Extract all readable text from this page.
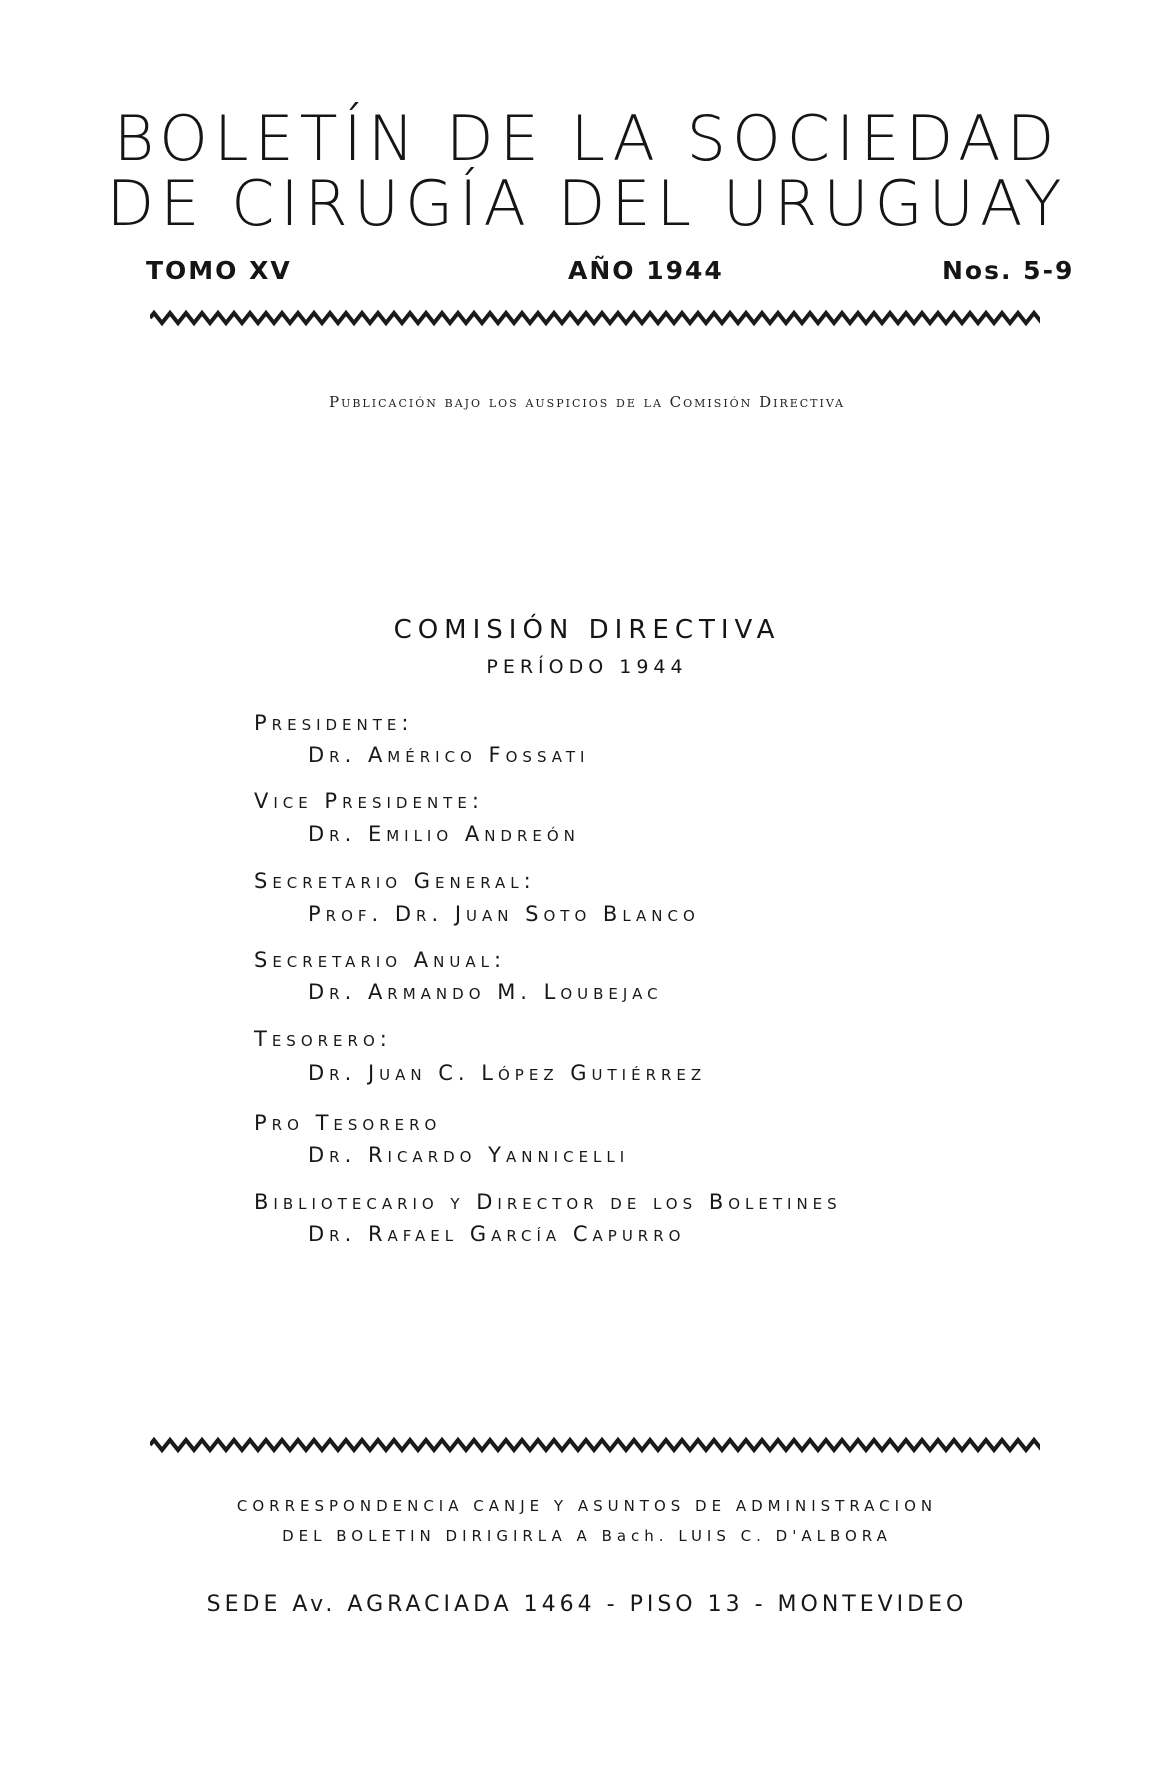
BOLETÍN DE LA SOCIEDAD
DE CIRUGÍA DEL URUGUAY
TOMO XV	AÑO 1944	Nos. 5-9
Publicación bajo los auspicios de la Comisión Directiva
COMISIÓN DIRECTIVA
PERÍODO 1944
Presidente:
Dr. Américo Fossati
Vice Presidente:
Dr. Emilio Andreón
Secretario General:
Prof. Dr. Juan Soto Blanco
Secretario Anual:
Dr. Armando M. Loubejac
Tesorero:
Dr. Juan C. López Gutiérrez
Pro Tesorero
Dr. Ricardo Yannicelli
Bibliotecario y Director de los Boletines
Dr. Rafael García Capurro
CORRESPONDENCIA CANJE Y ASUNTOS DE ADMINISTRACION
DEL BOLETIN DIRIGIRLA A Bach. LUIS C. D'ALBORA
SEDE Av. AGRACIADA 1464 - PISO 13 - MONTEVIDEO
